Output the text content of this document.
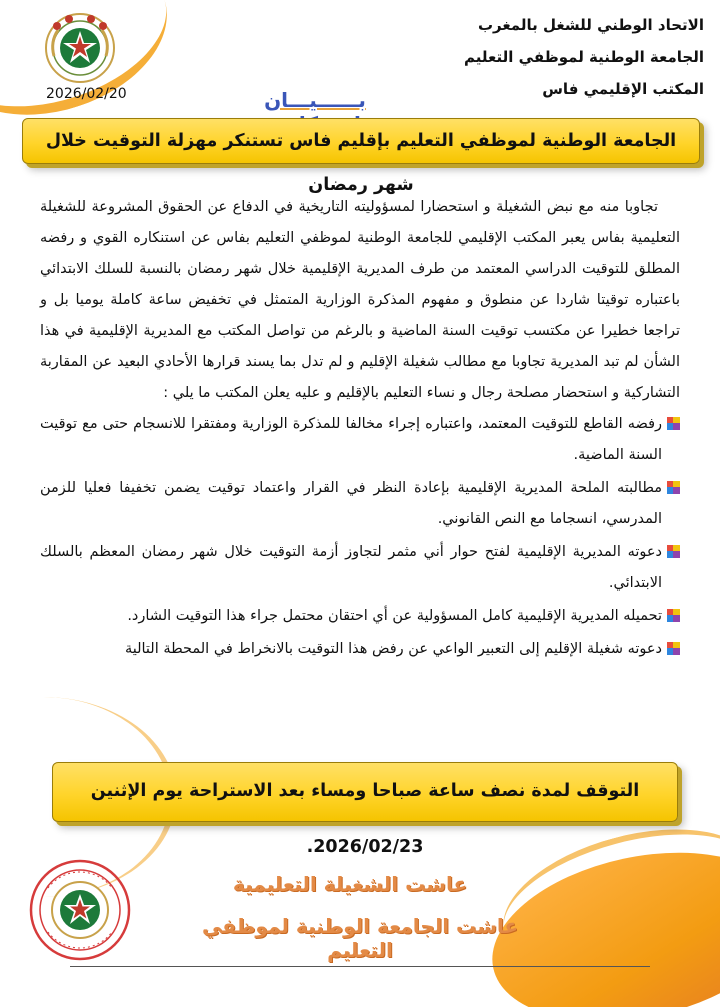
2026/02/20
الاتحاد الوطني للشغل بالمغرب
الجامعة الوطنية لموظفي التعليم
المكتب الإقليمي فاس
بــــــيـــان
الجامعة الوطنية لموظفي التعليم بإقليم فاس تستنكر مهزلة التوقيت خلال شهر رمضان

تجاوبا منه مع نبض الشغيلة و استحضارا لمسؤوليته التاريخية في الدفاع عن الحقوق المشروعة للشغيلة التعليمية بفاس يعبر المكتب الإقليمي للجامعة الوطنية لموظفي التعليم بفاس عن استنكاره القوي و رفضه المطلق للتوقيت الدراسي المعتمد من طرف المديرية الإقليمية خلال شهر رمضان بالنسبة للسلك الابتدائي باعتباره توقيتا شاردا عن منطوق و مفهوم المذكرة الوزارية المتمثل في تخفيض ساعة كاملة يوميا بل و تراجعا خطيرا عن مكتسب توقيت السنة الماضية و بالرغم من تواصل المكتب مع المديرية الإقليمية في هذا الشأن لم تبد المديرية تجاوبا مع مطالب شغيلة الإقليم و لم تدل بما يسند قرارها الأحادي البعيد عن المقاربة التشاركية و استحضار مصلحة رجال و نساء التعليم بالإقليم و عليه يعلن المكتب ما يلي :

رفضه القاطع للتوقيت المعتمد، واعتباره إجراء مخالفا للمذكرة الوزارية ومفتقرا للانسجام حتى مع توقيت السنة الماضية.
مطالبته الملحة المديرية الإقليمية بإعادة النظر في القرار واعتماد توقيت يضمن تخفيفا فعليا للزمن المدرسي، انسجاما مع النص القانوني.
دعوته المديرية الإقليمية لفتح حوار أني مثمر لتجاوز أزمة التوقيت خلال شهر رمضان المعظم بالسلك الابتدائي.
تحميله المديرية الإقليمية كامل المسؤولية عن أي احتقان محتمل جراء هذا التوقيت الشارد.
دعوته شغيلة الإقليم إلى التعبير الواعي عن رفض هذا التوقيت بالانخراط في المحطة التالية
التوقف لمدة نصف ساعة صباحا ومساء بعد الاستراحة يوم الإثنين 2026/02/23.
عاشت الشغيلة التعليمية
عاشت الجامعة الوطنية لموظفي التعليم
